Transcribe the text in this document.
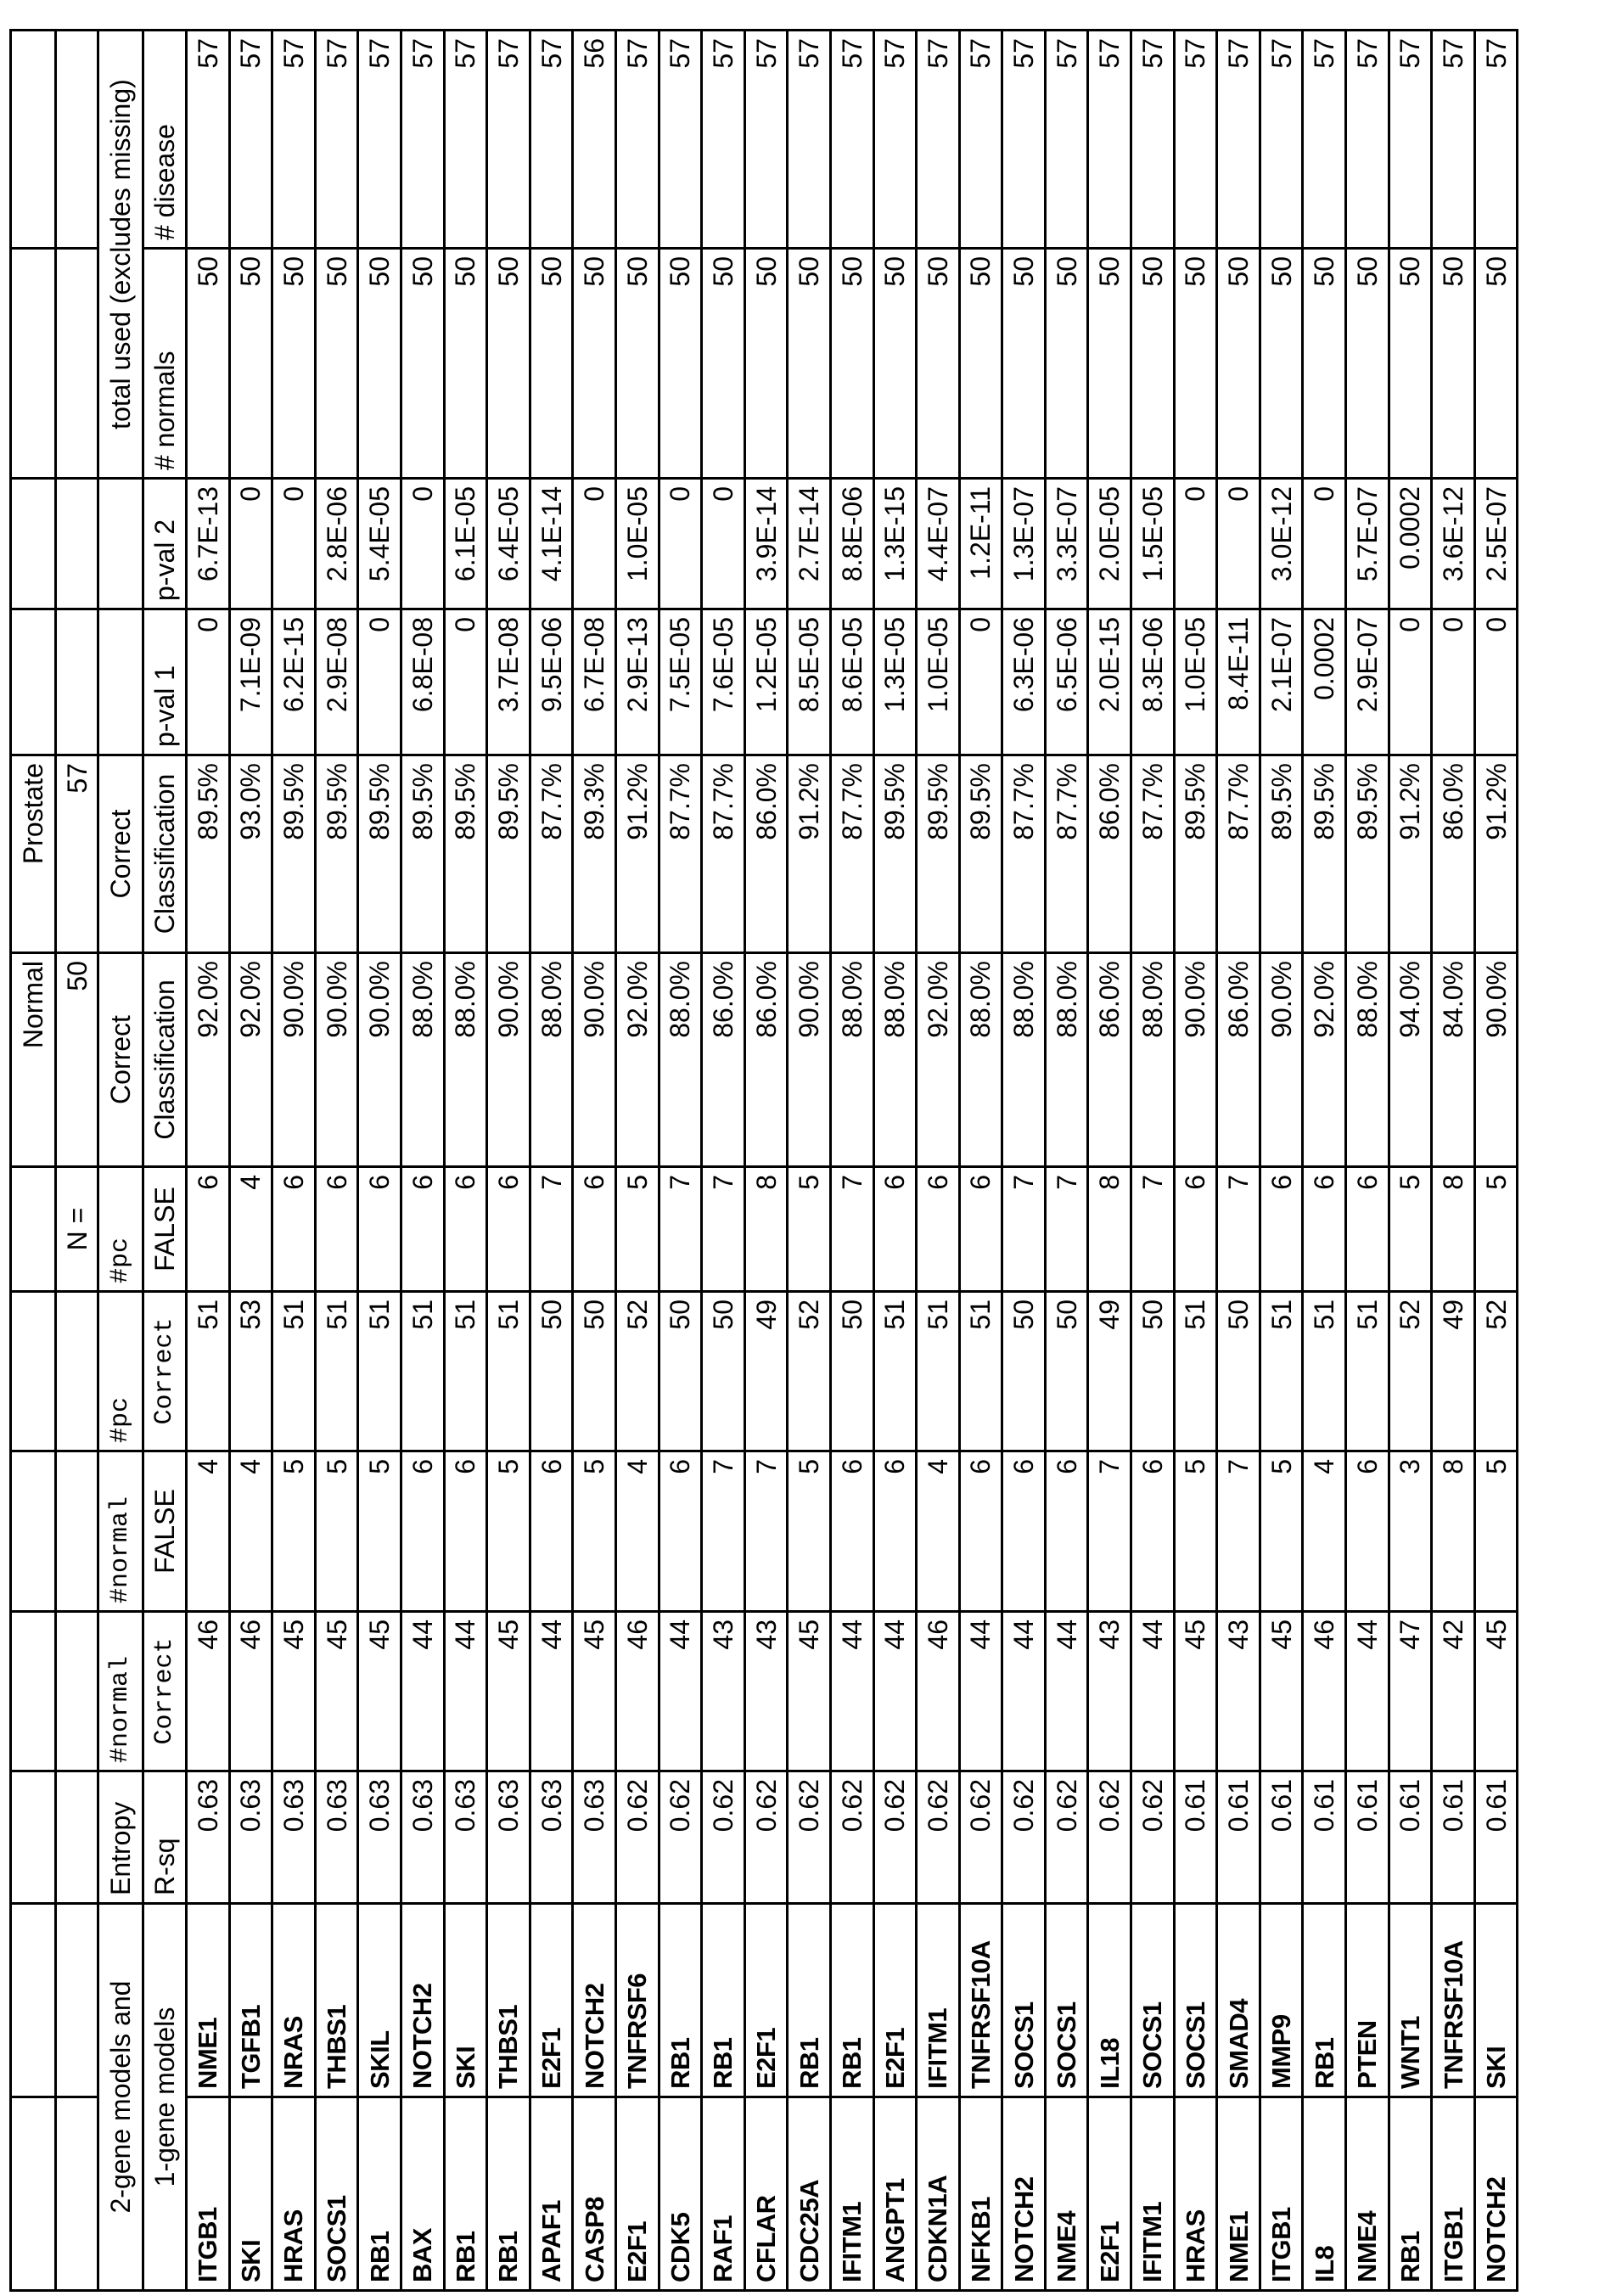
							Normal	Prostate				
						N =	50	57				
2-gene models and	Entropy	#normal	#normal	#pc	#pc	Correct	Correct			total used (excludes missing)
1-gene models	R-sq	Correct	FALSE	Correct	FALSE	Classification	Classification	p-val 1	p-val 2	# normals	# disease
ITGB1	NME1	0.63	46	4	51	6	92.0%	89.5%	0	6.7E-13	50	57
SKI	TGFB1	0.63	46	4	53	4	92.0%	93.0%	7.1E-09	0	50	57
HRAS	NRAS	0.63	45	5	51	6	90.0%	89.5%	6.2E-15	0	50	57
SOCS1	THBS1	0.63	45	5	51	6	90.0%	89.5%	2.9E-08	2.8E-06	50	57
RB1	SKIL	0.63	45	5	51	6	90.0%	89.5%	0	5.4E-05	50	57
BAX	NOTCH2	0.63	44	6	51	6	88.0%	89.5%	6.8E-08	0	50	57
RB1	SKI	0.63	44	6	51	6	88.0%	89.5%	0	6.1E-05	50	57
RB1	THBS1	0.63	45	5	51	6	90.0%	89.5%	3.7E-08	6.4E-05	50	57
APAF1	E2F1	0.63	44	6	50	7	88.0%	87.7%	9.5E-06	4.1E-14	50	57
CASP8	NOTCH2	0.63	45	5	50	6	90.0%	89.3%	6.7E-08	0	50	56
E2F1	TNFRSF6	0.62	46	4	52	5	92.0%	91.2%	2.9E-13	1.0E-05	50	57
CDK5	RB1	0.62	44	6	50	7	88.0%	87.7%	7.5E-05	0	50	57
RAF1	RB1	0.62	43	7	50	7	86.0%	87.7%	7.6E-05	0	50	57
CFLAR	E2F1	0.62	43	7	49	8	86.0%	86.0%	1.2E-05	3.9E-14	50	57
CDC25A	RB1	0.62	45	5	52	5	90.0%	91.2%	8.5E-05	2.7E-14	50	57
IFITM1	RB1	0.62	44	6	50	7	88.0%	87.7%	8.6E-05	8.8E-06	50	57
ANGPT1	E2F1	0.62	44	6	51	6	88.0%	89.5%	1.3E-05	1.3E-15	50	57
CDKN1A	IFITM1	0.62	46	4	51	6	92.0%	89.5%	1.0E-05	4.4E-07	50	57
NFKB1	TNFRSF10A	0.62	44	6	51	6	88.0%	89.5%	0	1.2E-11	50	57
NOTCH2	SOCS1	0.62	44	6	50	7	88.0%	87.7%	6.3E-06	1.3E-07	50	57
NME4	SOCS1	0.62	44	6	50	7	88.0%	87.7%	6.5E-06	3.3E-07	50	57
E2F1	IL18	0.62	43	7	49	8	86.0%	86.0%	2.0E-15	2.0E-05	50	57
IFITM1	SOCS1	0.62	44	6	50	7	88.0%	87.7%	8.3E-06	1.5E-05	50	57
HRAS	SOCS1	0.61	45	5	51	6	90.0%	89.5%	1.0E-05	0	50	57
NME1	SMAD4	0.61	43	7	50	7	86.0%	87.7%	8.4E-11	0	50	57
ITGB1	MMP9	0.61	45	5	51	6	90.0%	89.5%	2.1E-07	3.0E-12	50	57
IL8	RB1	0.61	46	4	51	6	92.0%	89.5%	0.0002	0	50	57
NME4	PTEN	0.61	44	6	51	6	88.0%	89.5%	2.9E-07	5.7E-07	50	57
RB1	WNT1	0.61	47	3	52	5	94.0%	91.2%	0	0.0002	50	57
ITGB1	TNFRSF10A	0.61	42	8	49	8	84.0%	86.0%	0	3.6E-12	50	57
NOTCH2	SKI	0.61	45	5	52	5	90.0%	91.2%	0	2.5E-07	50	57
